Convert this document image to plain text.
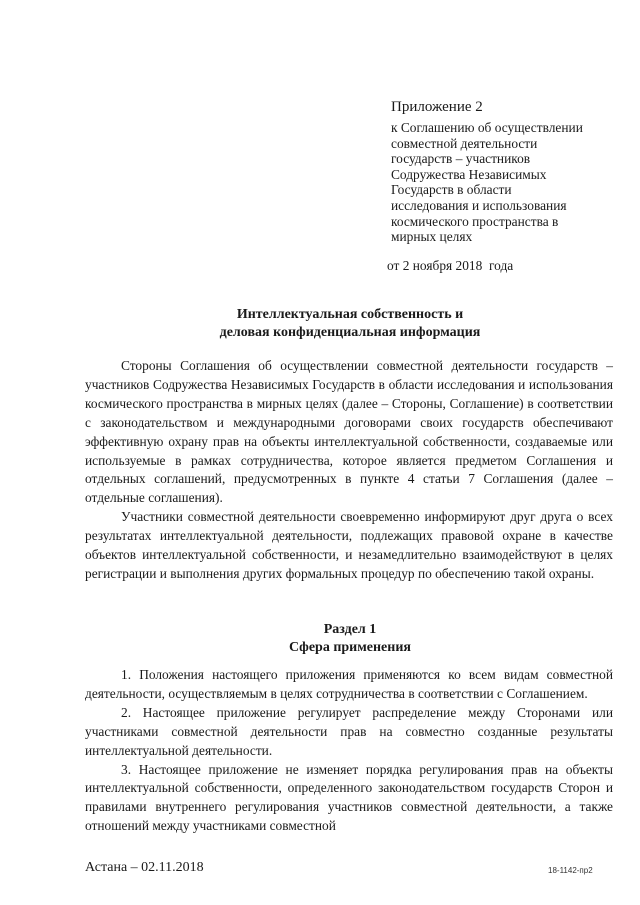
Приложение 2
к Соглашению об осуществлении
совместной деятельности
государств – участников
Содружества Независимых
Государств в области
исследования и использования
космического пространства в
мирных целях
от 2 ноября 2018  года
Интеллектуальная собственность и
деловая конфиденциальная информация

Стороны Соглашения об осуществлении совместной деятельности государств – участников Содружества Независимых Государств в области исследования и использования космического пространства в мирных целях (далее – Стороны, Соглашение) в соответствии с законодательством и международными договорами своих государств обеспечивают эффективную охрану прав на объекты интеллектуальной собственности, создаваемые или используемые в рамках сотрудничества, которое является предметом Соглашения и отдельных соглашений, предусмотренных в пункте 4 статьи 7 Соглашения (далее – отдельные соглашения).

Участники совместной деятельности своевременно информируют друг друга о всех результатах интеллектуальной деятельности, подлежащих правовой охране в качестве объектов интеллектуальной собственности, и незамедлительно взаимодействуют в целях регистрации и выполнения других формальных процедур по обеспечению такой охраны.

Раздел 1
Сфера применения

1. Положения настоящего приложения применяются ко всем видам совместной деятельности, осуществляемым в целях сотрудничества в соответствии с Соглашением.

2. Настоящее приложение регулирует распределение между Сторонами или участниками совместной деятельности прав на совместно созданные результаты интеллектуальной деятельности.

3. Настоящее приложение не изменяет порядка регулирования прав на объекты интеллектуальной собственности, определенного законодательством государств Сторон и правилами внутреннего регулирования участников совместной деятельности, а также отношений между участниками совместной

Астана – 02.11.2018	18-1142-пр2
